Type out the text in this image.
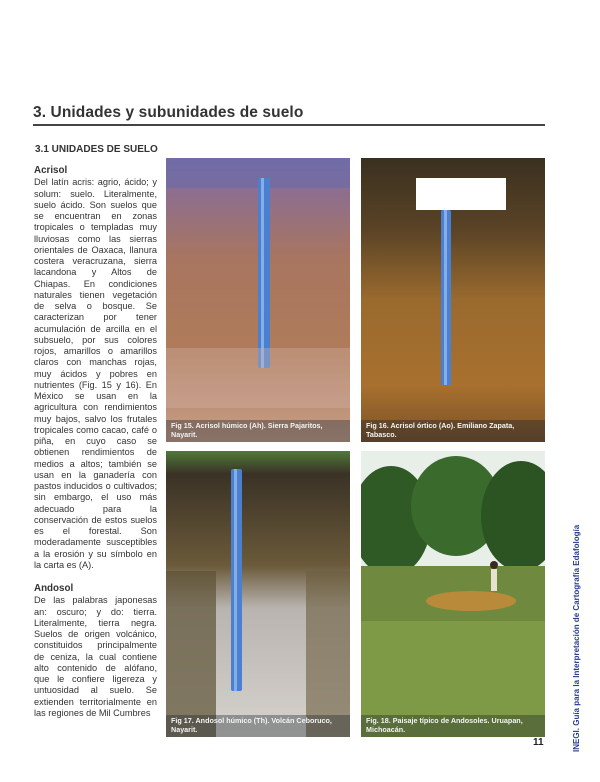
3. Unidades y subunidades de suelo
3.1 UNIDADES DE SUELO
Acrisol

Del latín acris: agrio, ácido; y solum: suelo. Literalmente, suelo ácido. Son suelos que se encuentran en zonas tropicales o templadas muy lluviosas como las sierras orientales de Oaxaca, llanura costera veracruzana, sierra lacandona y Altos de Chiapas. En condiciones naturales tienen vegetación de selva o bosque. Se caracterizan por tener acumulación de arcilla en el subsuelo, por sus colores rojos, amarillos o amarillos claros con manchas rojas, muy ácidos y pobres en nutrientes (Fig. 15 y 16). En México se usan en la agricultura con rendimientos muy bajos, salvo los frutales tropicales como cacao, café o piña, en cuyo caso se obtienen rendimientos de medios a altos; también se usan en la ganadería con pastos inducidos o cultivados; sin embargo, el uso más adecuado para la conservación de estos suelos es el forestal. Son moderadamente susceptibles a la erosión y su símbolo en la carta es (A).

Andosol

De las palabras japonesas an: oscuro; y do: tierra. Literalmente, tierra negra. Suelos de origen volcánico, constituidos principalmente de ceniza, la cual contiene alto contenido de alófano, que le confiere ligereza y untuosidad al suelo. Se extienden territorialmente en las regiones de Mil Cumbres

Fig 15. Acrisol húmico (Ah). Sierra Pajaritos, Nayarit.
Fig 16. Acrisol órtico (Ao). Emiliano Zapata, Tabasco.
Fig 17. Andosol húmico (Th). Volcán Ceboruco, Nayarit.
Fig. 18. Paisaje típico de Andosoles. Uruapan, Michoacán.
11	INEGI. Guía para la Interpretación de Cartografía Edafología
